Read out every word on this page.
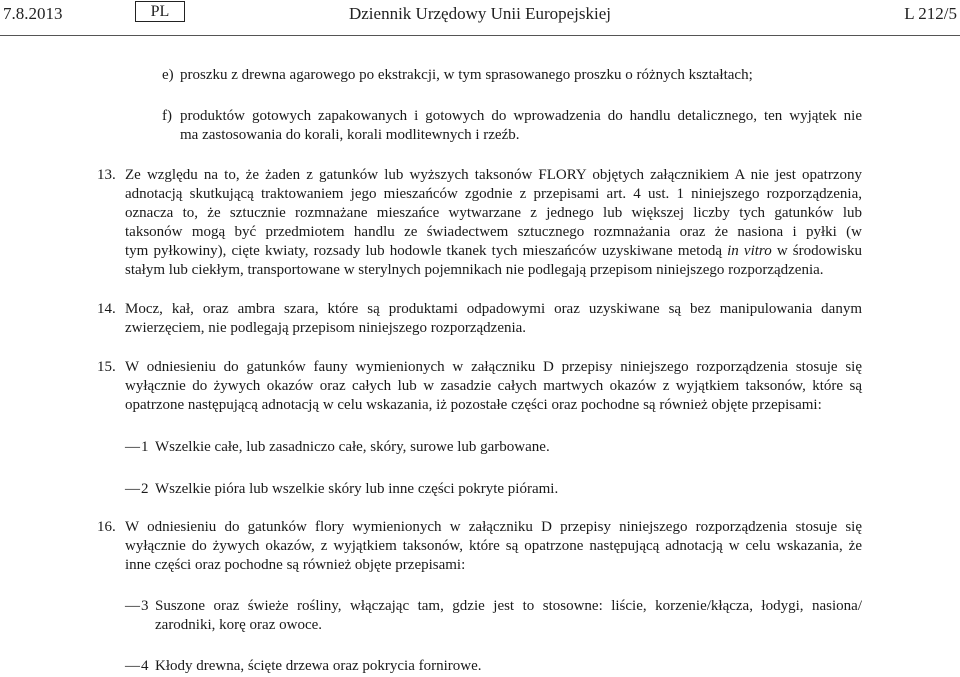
7.8.2013	PL	Dziennik Urzędowy Unii Europejskiej	L 212/5
e) proszku z drewna agarowego po ekstrakcji, w tym sprasowanego proszku o różnych kształtach;
f) produktów gotowych zapakowanych i gotowych do wprowadzenia do handlu detalicznego, ten wyjątek nie
ma zastosowania do korali, korali modlitewnych i rzeźb.
13. Ze względu na to, że żaden z gatunków lub wyższych taksonów FLORY objętych załącznikiem A nie jest opatrzony
adnotacją skutkującą traktowaniem jego mieszańców zgodnie z przepisami art. 4 ust. 1 niniejszego rozporządzenia,
oznacza to, że sztucznie rozmnażane mieszańce wytwarzane z jednego lub większej liczby tych gatunków lub
taksonów mogą być przedmiotem handlu ze świadectwem sztucznego rozmnażania oraz że nasiona i pyłki (w
tym pyłkowiny), cięte kwiaty, rozsady lub hodowle tkanek tych mieszańców uzyskiwane metodą in vitro w środowisku
stałym lub ciekłym, transportowane w sterylnych pojemnikach nie podlegają przepisom niniejszego rozporządzenia.
14. Mocz, kał, oraz ambra szara, które są produktami odpadowymi oraz uzyskiwane są bez manipulowania danym
zwierzęciem, nie podlegają przepisom niniejszego rozporządzenia.
15. W odniesieniu do gatunków fauny wymienionych w załączniku D przepisy niniejszego rozporządzenia stosuje się
wyłącznie do żywych okazów oraz całych lub w zasadzie całych martwych okazów z wyjątkiem taksonów, które są
opatrzone następującą adnotacją w celu wskazania, iż pozostałe części oraz pochodne są również objęte przepisami:
— 1 Wszelkie całe, lub zasadniczo całe, skóry, surowe lub garbowane.
— 2 Wszelkie pióra lub wszelkie skóry lub inne części pokryte piórami.
16. W odniesieniu do gatunków flory wymienionych w załączniku D przepisy niniejszego rozporządzenia stosuje się
wyłącznie do żywych okazów, z wyjątkiem taksonów, które są opatrzone następującą adnotacją w celu wskazania, że
inne części oraz pochodne są również objęte przepisami:
— 3 Suszone oraz świeże rośliny, włączając tam, gdzie jest to stosowne: liście, korzenie/kłącza, łodygi, nasiona/
zarodniki, korę oraz owoce.
— 4 Kłody drewna, ścięte drzewa oraz pokrycia fornirowe.
